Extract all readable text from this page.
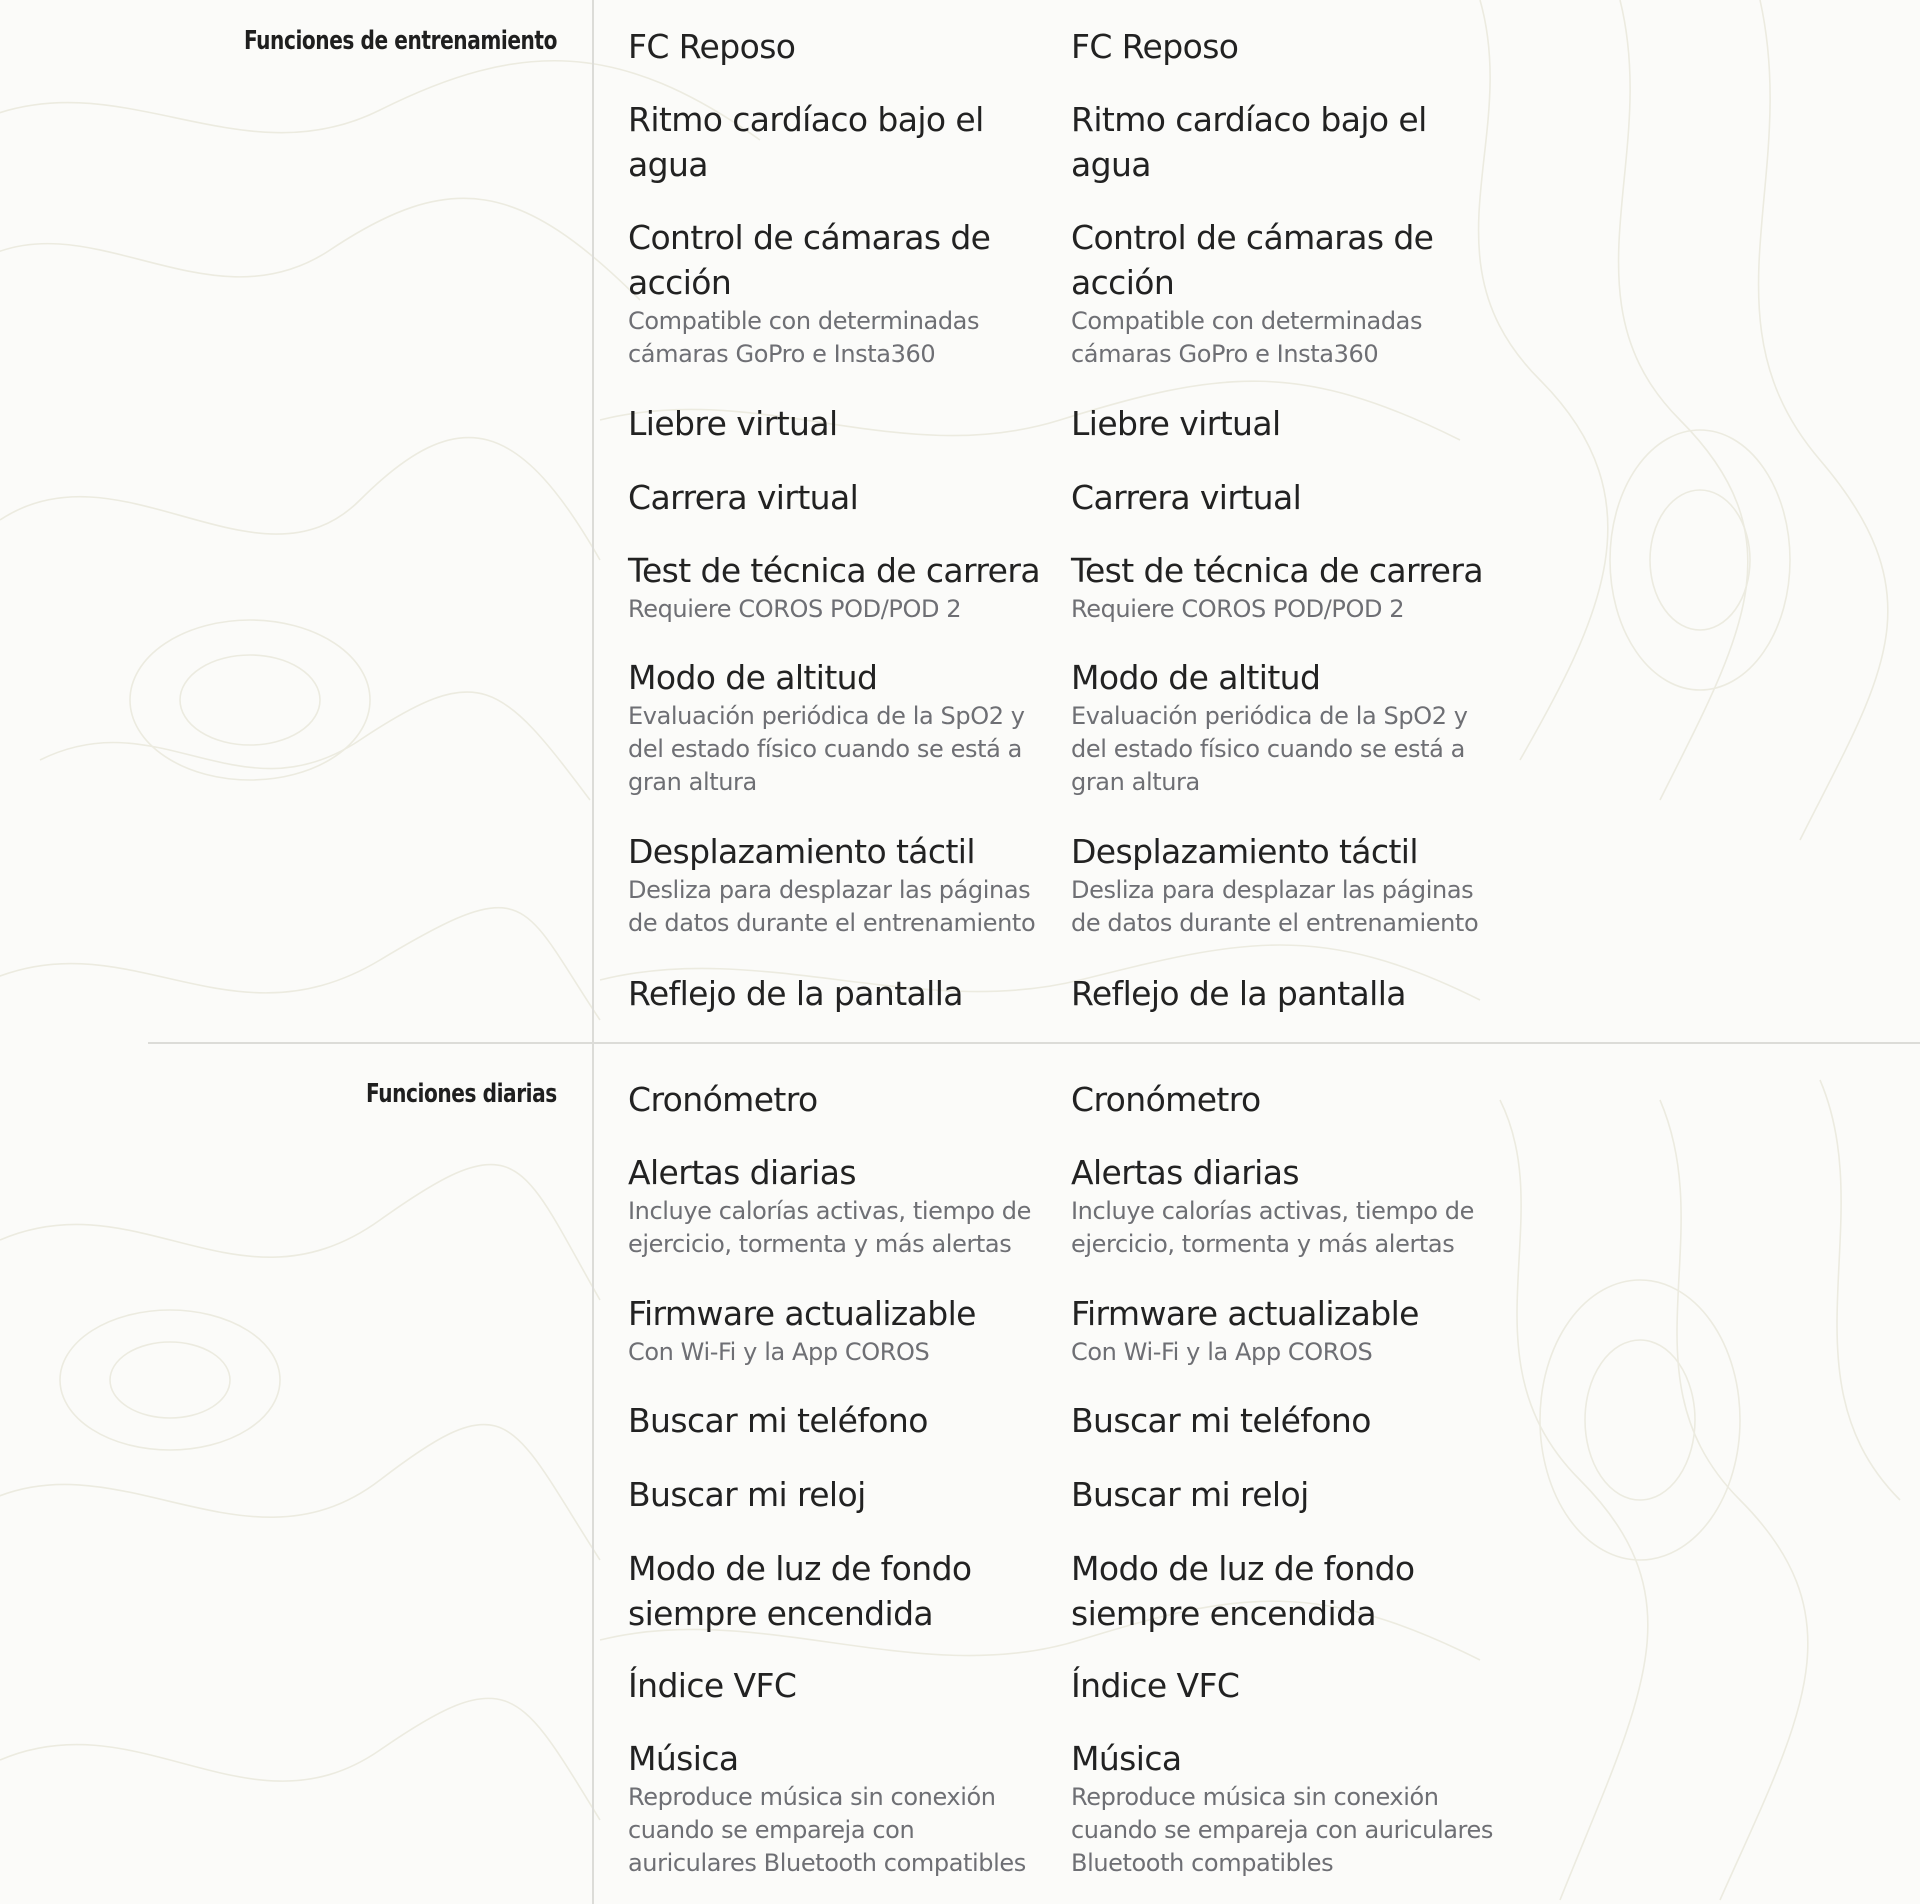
Funciones de entrenamiento FC Reposo
Ritmo cardíaco bajo el
agua
Control de cámaras de
acción
Compatible con determinadas
cámaras GoPro e Insta360
Liebre virtual
Carrera virtual
Test de técnica de carrera
Requiere COROS POD/POD 2
Modo de altitud
Evaluación periódica de la SpO2 y
del estado físico cuando se está a
gran altura
Desplazamiento táctil
Desliza para desplazar las páginas
de datos durante el entrenamiento
Reflejo de la pantalla
FC Reposo
Ritmo cardíaco bajo el
agua
Control de cámaras de
acción
Compatible con determinadas
cámaras GoPro e Insta360
Liebre virtual
Carrera virtual
Test de técnica de carrera
Requiere COROS POD/POD 2
Modo de altitud
Evaluación periódica de la SpO2 y
del estado físico cuando se está a
gran altura
Desplazamiento táctil
Desliza para desplazar las páginas
de datos durante el entrenamiento
Reflejo de la pantalla
Funciones diarias Cronómetro
Alertas diarias
Incluye calorías activas, tiempo de
ejercicio, tormenta y más alertas
Firmware actualizable
Con Wi-Fi y la App COROS
Buscar mi teléfono
Buscar mi reloj
Modo de luz de fondo
siempre encendida
Índice VFC
Música
Reproduce música sin conexión
cuando se empareja con
auriculares Bluetooth compatibles
Cronómetro
Alertas diarias
Incluye calorías activas, tiempo de
ejercicio, tormenta y más alertas
Firmware actualizable
Con Wi-Fi y la App COROS
Buscar mi teléfono
Buscar mi reloj
Modo de luz de fondo
siempre encendida
Índice VFC
Música
Reproduce música sin conexión
cuando se empareja con auriculares
Bluetooth compatibles
